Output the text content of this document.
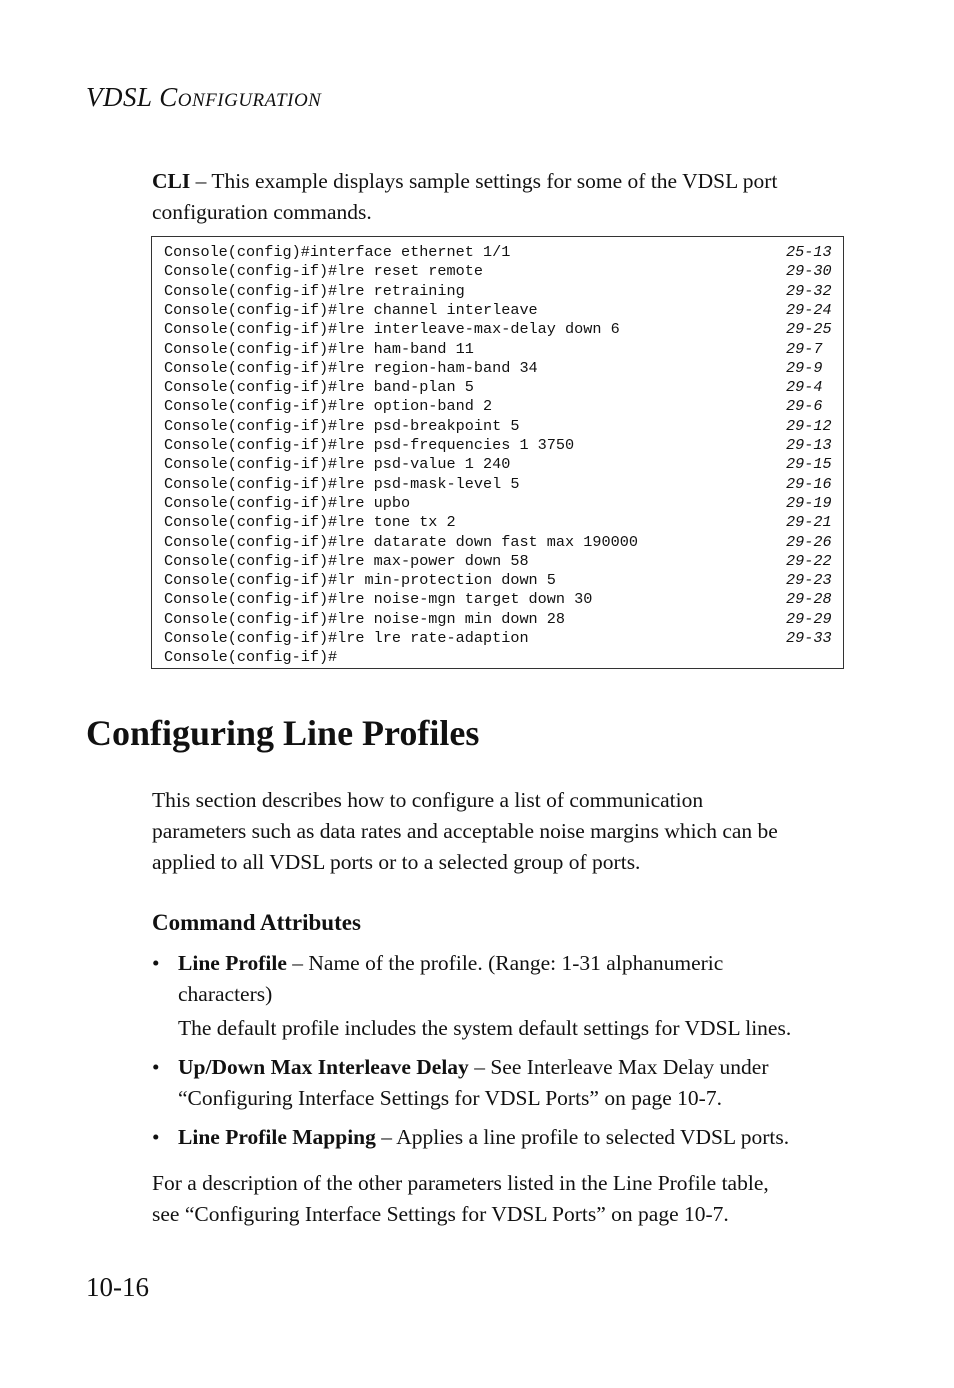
VDSL CONFIGURATION
CLI – This example displays sample settings for some of the VDSL port configuration commands.
Console(config)#interface ethernet 1/1	25-13
Console(config-if)#lre reset remote	29-30
Console(config-if)#lre retraining	29-32
Console(config-if)#lre channel interleave	29-24
Console(config-if)#lre interleave-max-delay down 6	29-25
Console(config-if)#lre ham-band 11	29-7
Console(config-if)#lre region-ham-band 34	29-9
Console(config-if)#lre band-plan 5	29-4
Console(config-if)#lre option-band 2	29-6
Console(config-if)#lre psd-breakpoint 5	29-12
Console(config-if)#lre psd-frequencies 1 3750	29-13
Console(config-if)#lre psd-value 1 240	29-15
Console(config-if)#lre psd-mask-level 5	29-16
Console(config-if)#lre upbo	29-19
Console(config-if)#lre tone tx 2	29-21
Console(config-if)#lre datarate down fast max 190000	29-26
Console(config-if)#lre max-power down 58	29-22
Console(config-if)#lr min-protection down 5	29-23
Console(config-if)#lre noise-mgn target down 30	29-28
Console(config-if)#lre noise-mgn min down 28	29-29
Console(config-if)#lre lre rate-adaption	29-33
Console(config-if)#
Configuring Line Profiles
This section describes how to configure a list of communication
parameters such as data rates and acceptable noise margins which can be
applied to all VDSL ports or to a selected group of ports.
Command Attributes
• Line Profile – Name of the profile. (Range: 1-31 alphanumeric
characters)
The default profile includes the system default settings for VDSL lines.
• Up/Down Max Interleave Delay – See Interleave Max Delay under
“Configuring Interface Settings for VDSL Ports” on page 10-7.
• Line Profile Mapping – Applies a line profile to selected VDSL ports.
For a description of the other parameters listed in the Line Profile table,
see “Configuring Interface Settings for VDSL Ports” on page 10-7.
10-16
